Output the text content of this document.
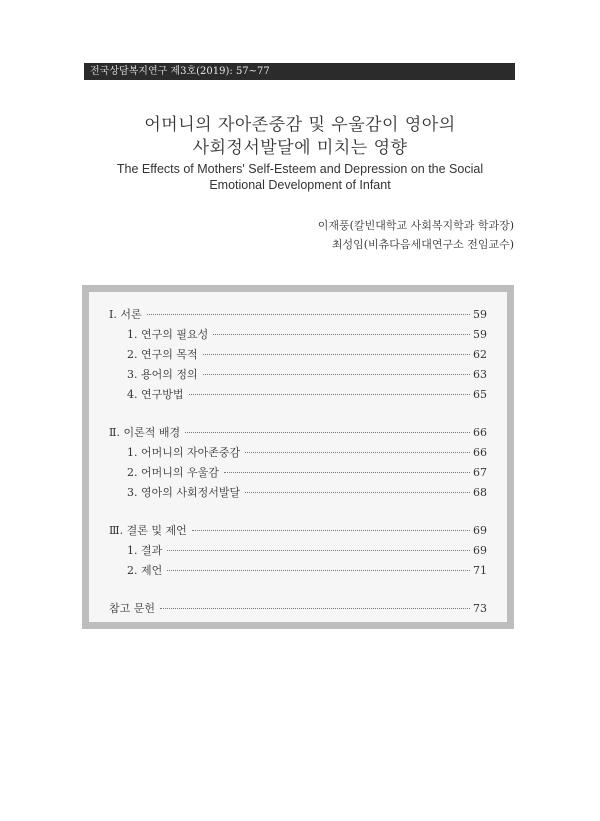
전국상담복지연구 제3호(2019): 57~77
어머니의 자아존중감 및 우울감이 영아의
사회정서발달에 미치는 영향
The Effects of Mothers' Self-Esteem and Depression on the Social
Emotional Development of Infant
이재풍(칼빈대학교 사회복지학과 학과장)
최성임(비츄다음세대연구소 전임교수)
Ⅰ. 서론	59
1. 연구의 필요성	59
2. 연구의 목적	62
3. 용어의 정의	63
4. 연구방법	65
Ⅱ. 이론적 배경	66
1. 어머니의 자아존중감	66
2. 어머니의 우울감	67
3. 영아의 사회정서발달	68
Ⅲ. 결론 및 제언	69
1. 결과	69
2. 제언	71
참고 문헌	73
